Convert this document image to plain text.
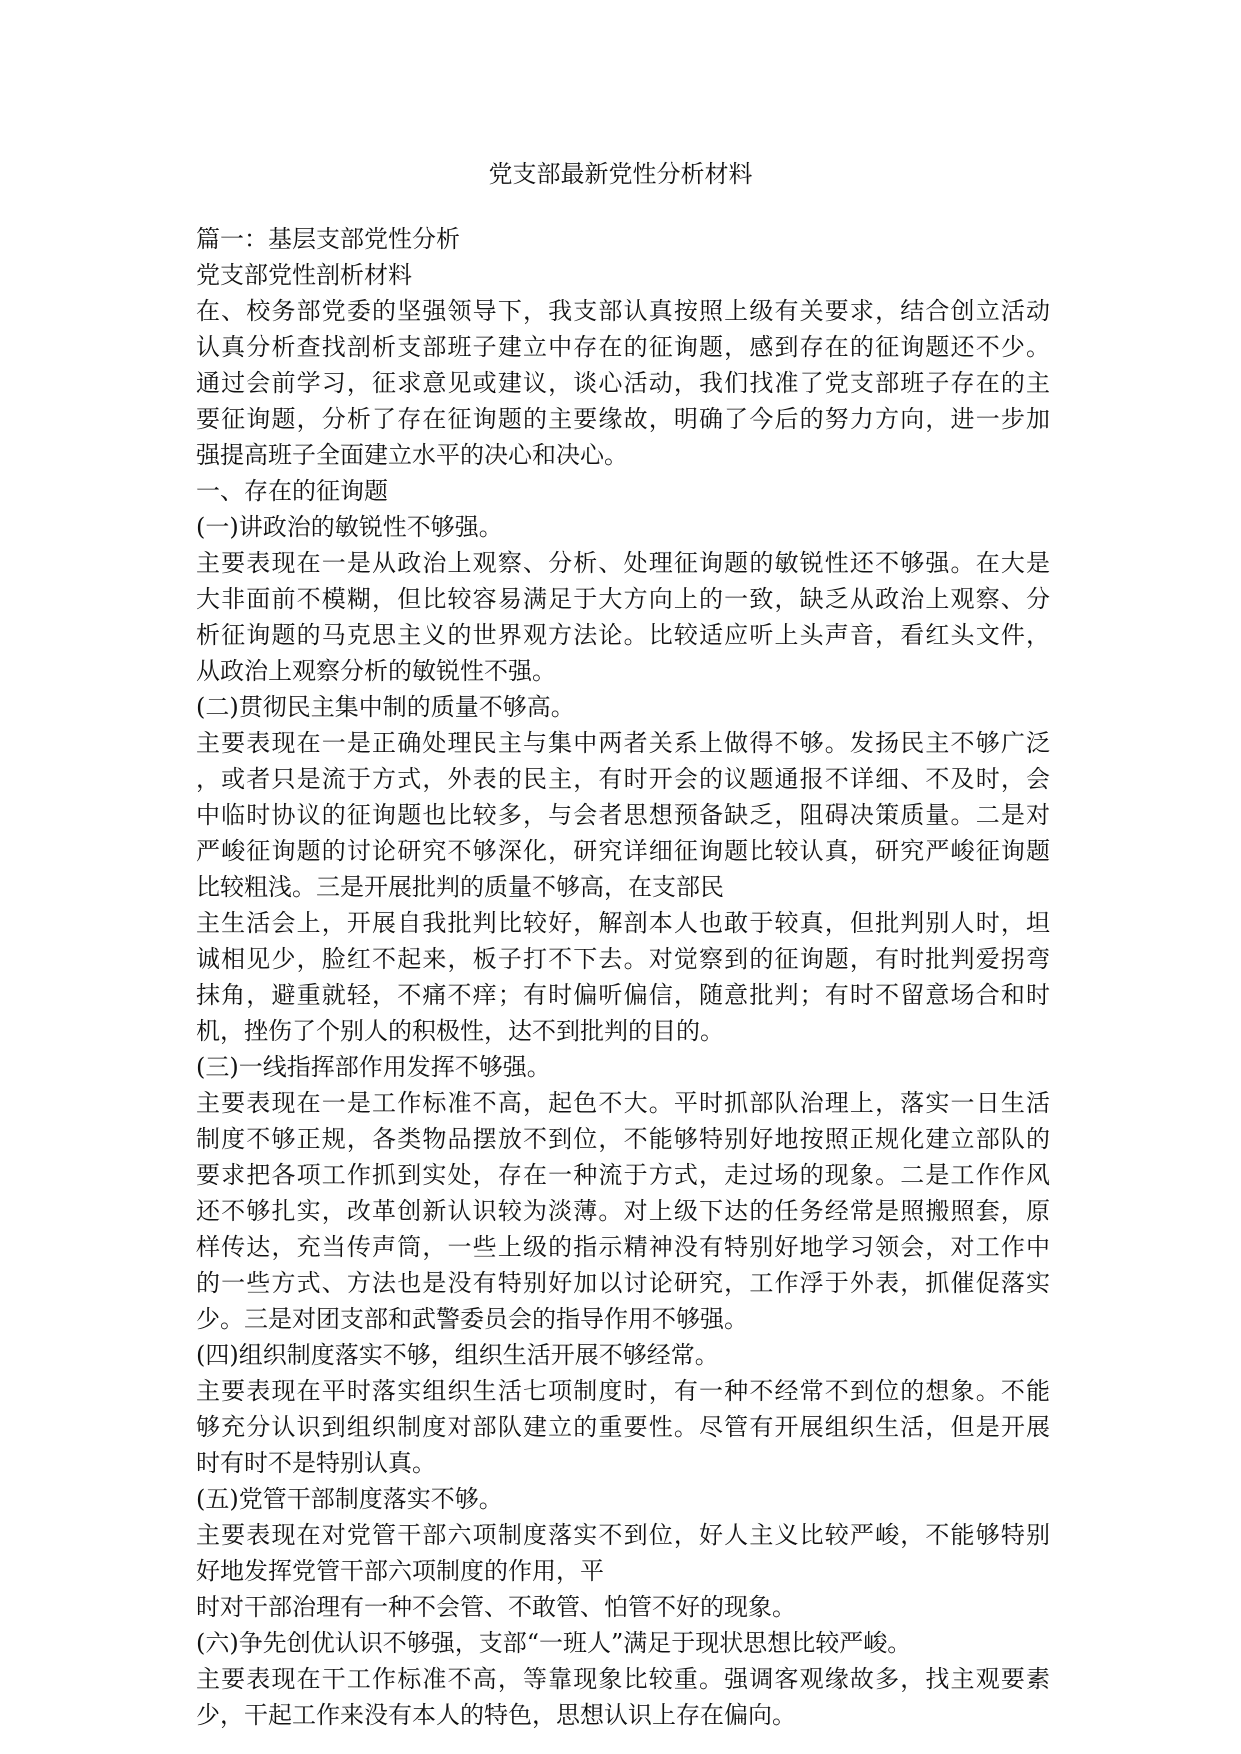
党支部最新党性分析材料
篇一：基层支部党性分析
党支部党性剖析材料
在、校务部党委的坚强领导下，我支部认真按照上级有关要求，结合创立活动
认真分析查找剖析支部班子建立中存在的征询题，感到存在的征询题还不少。
通过会前学习，征求意见或建议，谈心活动，我们找准了党支部班子存在的主
要征询题，分析了存在征询题的主要缘故，明确了今后的努力方向，进一步加
强提高班子全面建立水平的决心和决心。
一、存在的征询题
(一)讲政治的敏锐性不够强。
主要表现在一是从政治上观察、分析、处理征询题的敏锐性还不够强。在大是
大非面前不模糊，但比较容易满足于大方向上的一致，缺乏从政治上观察、分
析征询题的马克思主义的世界观方法论。比较适应听上头声音，看红头文件，
从政治上观察分析的敏锐性不强。
(二)贯彻民主集中制的质量不够高。
主要表现在一是正确处理民主与集中两者关系上做得不够。发扬民主不够广泛
，或者只是流于方式，外表的民主，有时开会的议题通报不详细、不及时，会
中临时协议的征询题也比较多，与会者思想预备缺乏，阻碍决策质量。二是对
严峻征询题的讨论研究不够深化，研究详细征询题比较认真，研究严峻征询题
比较粗浅。三是开展批判的质量不够高，在支部民
主生活会上，开展自我批判比较好，解剖本人也敢于较真，但批判别人时，坦
诚相见少，脸红不起来，板子打不下去。对觉察到的征询题，有时批判爱拐弯
抹角，避重就轻，不痛不痒；有时偏听偏信，随意批判；有时不留意场合和时
机，挫伤了个别人的积极性，达不到批判的目的。
(三)一线指挥部作用发挥不够强。
主要表现在一是工作标准不高，起色不大。平时抓部队治理上，落实一日生活
制度不够正规，各类物品摆放不到位，不能够特别好地按照正规化建立部队的
要求把各项工作抓到实处，存在一种流于方式，走过场的现象。二是工作作风
还不够扎实，改革创新认识较为淡薄。对上级下达的任务经常是照搬照套，原
样传达，充当传声筒，一些上级的指示精神没有特别好地学习领会，对工作中
的一些方式、方法也是没有特别好加以讨论研究，工作浮于外表，抓催促落实
少。三是对团支部和武警委员会的指导作用不够强。
(四)组织制度落实不够，组织生活开展不够经常。
主要表现在平时落实组织生活七项制度时，有一种不经常不到位的想象。不能
够充分认识到组织制度对部队建立的重要性。尽管有开展组织生活，但是开展
时有时不是特别认真。
(五)党管干部制度落实不够。
主要表现在对党管干部六项制度落实不到位，好人主义比较严峻，不能够特别
好地发挥党管干部六项制度的作用，平
时对干部治理有一种不会管、不敢管、怕管不好的现象。
(六)争先创优认识不够强，支部“一班人”满足于现状思想比较严峻。
主要表现在干工作标准不高，等靠现象比较重。强调客观缘故多，找主观要素
少，干起工作来没有本人的特色，思想认识上存在偏向。
